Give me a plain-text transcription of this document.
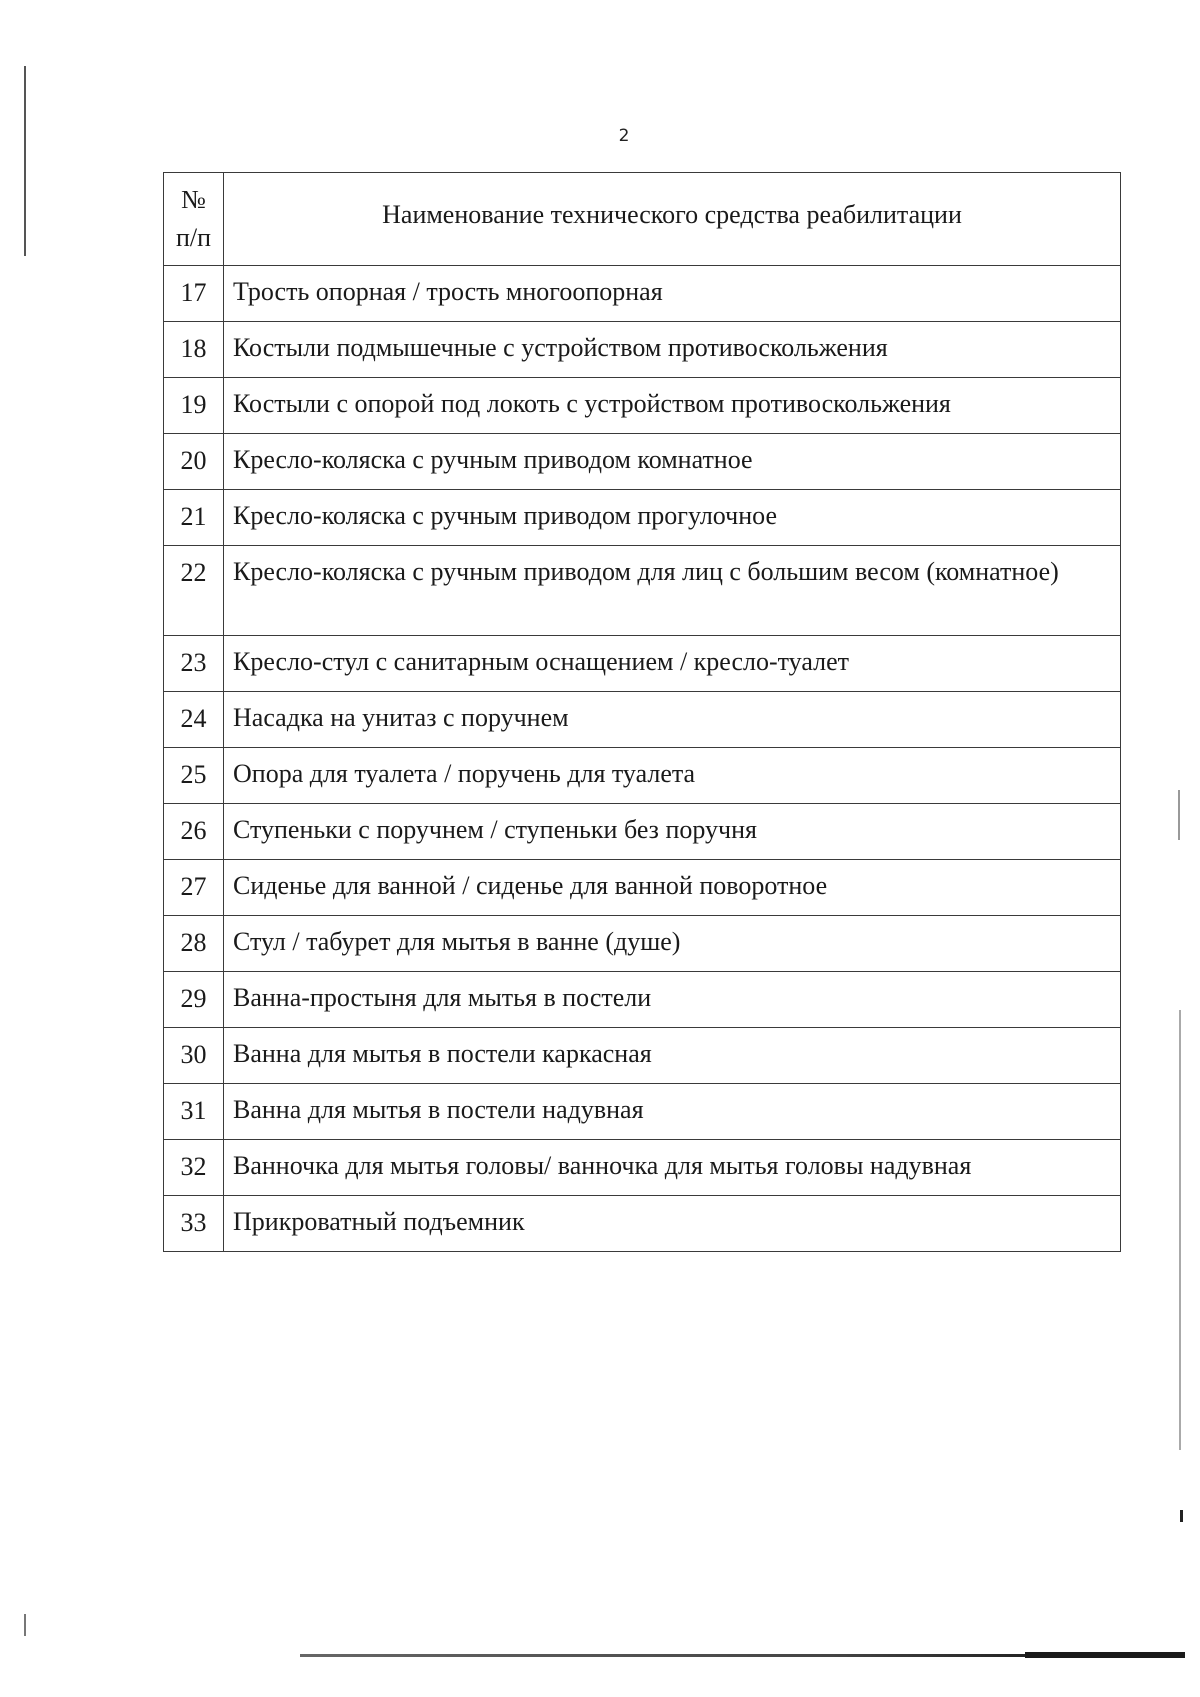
2
№
п/п	Наименование технического средства реабилитации
17	Трость опорная / трость многоопорная
18	Костыли подмышечные с устройством противоскольжения
19	Костыли с опорой под локоть с устройством противоскольжения
20	Кресло-коляска с ручным приводом комнатное
21	Кресло-коляска с ручным приводом прогулочное
22	Кресло-коляска с ручным приводом для лиц с большим весом (комнатное)
23	Кресло-стул с санитарным оснащением / кресло-туалет
24	Насадка на унитаз с поручнем
25	Опора для туалета / поручень для туалета
26	Ступеньки с поручнем / ступеньки без поручня
27	Сиденье для ванной / сиденье для ванной поворотное
28	Стул / табурет для мытья в ванне (душе)
29	Ванна-простыня для мытья в постели
30	Ванна для мытья в постели каркасная
31	Ванна для мытья в постели надувная
32	Ванночка для мытья головы/ ванночка для мытья головы надувная
33	Прикроватный подъемник
